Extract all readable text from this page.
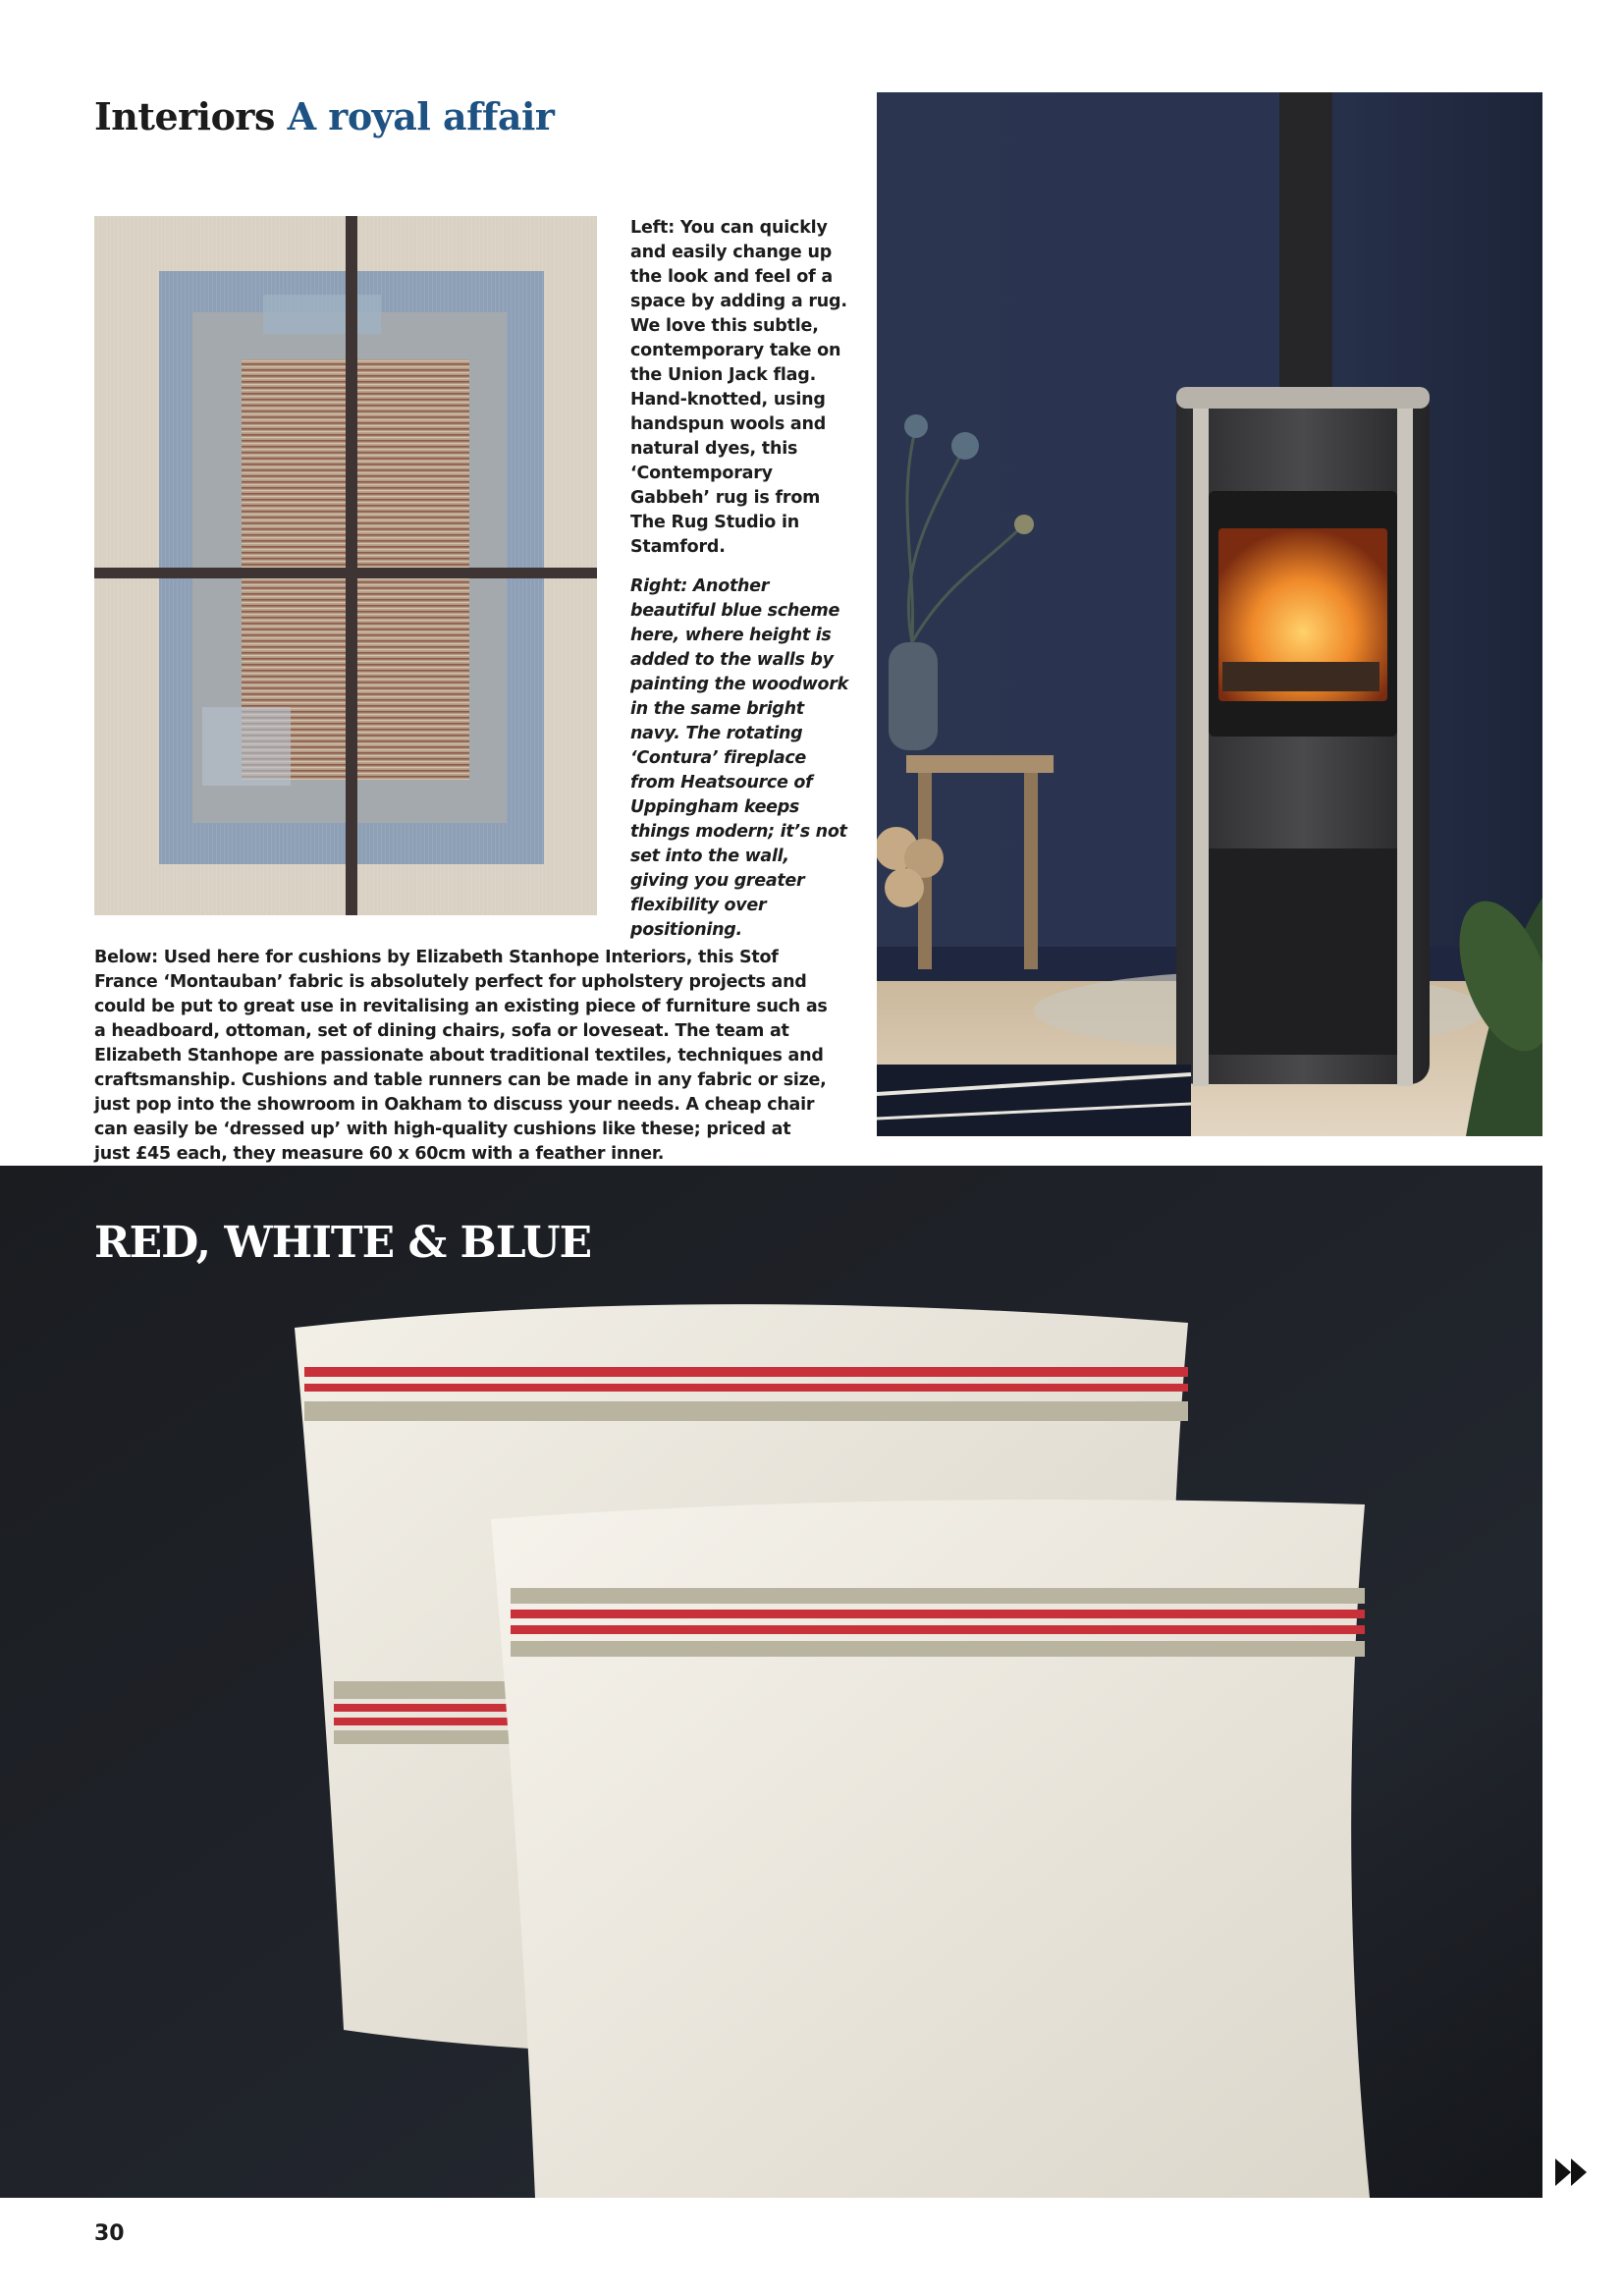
Interiors A royal affair
Left: You can quickly and easily change up the look and feel of a space by adding a rug. We love this subtle, contemporary take on the Union Jack flag. Hand-knotted, using handspun wools and natural dyes, this ‘Contemporary Gabbeh’ rug is from The Rug Studio in Stamford.
Right: Another beautiful blue scheme here, where height is added to the walls by painting the woodwork in the same bright navy. The rotating ‘Contura’ fireplace from Heatsource of Uppingham keeps things modern; it’s not set into the wall, giving you greater flexibility over positioning.
Below: Used here for cushions by Elizabeth Stanhope Interiors, this Stof France ‘Montauban’ fabric is absolutely perfect for upholstery projects and could be put to great use in revitalising an existing piece of furniture such as a headboard, ottoman, set of dining chairs, sofa or loveseat. The team at Elizabeth Stanhope are passionate about traditional textiles, techniques and craftsmanship. Cushions and table runners can be made in any fabric or size, just pop into the showroom in Oakham to discuss your needs. A cheap chair can easily be ‘dressed up’ with high-quality cushions like these; priced at just £45 each, they measure 60 x 60cm with a feather inner.
RED, WHITE & BLUE
30
